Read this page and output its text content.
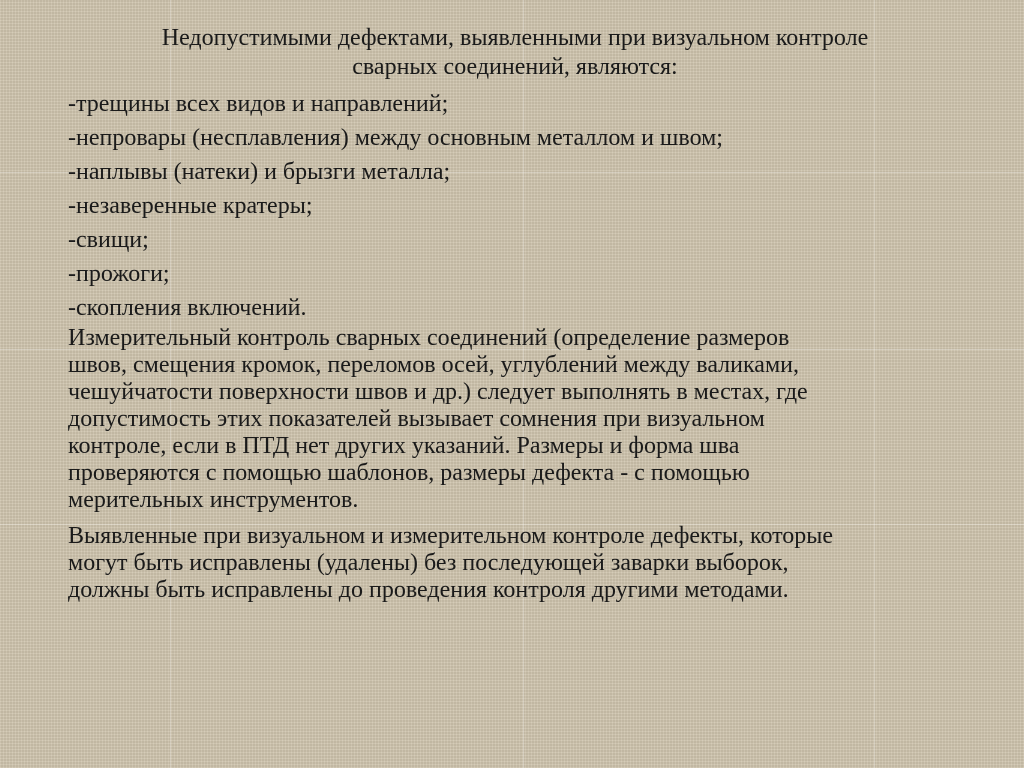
Недопустимыми дефектами, выявленными при визуальном контроле
сварных соединений, являются:
-трещины всех видов и направлений;
-непровары (несплавления) между основным металлом и швом;
-наплывы (натеки) и брызги металла;
-незаверенные кратеры;
-свищи;
-прожоги;
-скопления включений.

Измерительный контроль сварных соединений (определение размеров
швов, смещения кромок, переломов осей, углублений между валиками,
чешуйчатости поверхности швов и др.) следует выполнять в местах, где
допустимость этих показателей вызывает сомнения при визуальном
контроле, если в ПТД нет других указаний. Размеры и форма шва
проверяются с помощью шаблонов, размеры дефекта - с помощью
мерительных инструментов.

Выявленные при визуальном и измерительном контроле дефекты, которые
могут быть исправлены (удалены) без последующей заварки выборок,
должны быть исправлены до проведения контроля другими методами.
